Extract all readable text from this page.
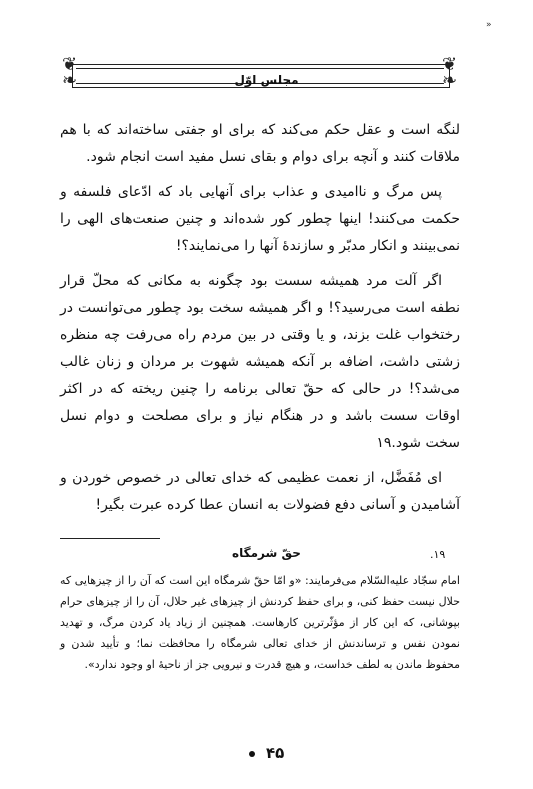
»
❦	❦
❧	❧
مجلس اوّل

لنگه است و عقل حکم می‌کند که برای او جفتی ساخته‌اند که با هم ملاقات کنند و آنچه برای دوام و بقای نسل مفید است انجام شود.

پس مرگ و ناامیدی و عذاب برای آنهایی باد که ادّعای فلسفه و حکمت می‌کنند! اینها چطور کور شده‌اند و چنین صنعت‌های الهی را نمی‌بینند و انکار مدبّر و سازندهٔ آنها را می‌نمایند؟!

اگر آلت مرد همیشه سست بود چگونه به مکانی که محلّ قرار نطفه است می‌رسید؟! و اگر همیشه سخت بود چطور می‌توانست در رختخواب غلت بزند، و یا وقتی در بین مردم راه می‌رفت چه منظره زشتی داشت، اضافه بر آنکه همیشه شهوت بر مردان و زنان غالب می‌شد؟! در حالی که حقّ تعالی برنامه را چنین ریخته که در اکثر اوقات سست باشد و در هنگام نیاز و برای مصلحت و دوام نسل سخت شود.۱۹

ای مُفَضَّل، از نعمت عظیمی که خدای تعالی در خصوص خوردن و آشامیدن و آسانی دفع فضولات به انسان عطا کرده عبرت بگیر!

۱۹.
حقّ شرمگاه
امام سجّاد علیه‌السّلام می‌فرمایند: «و امّا حقّ شرمگاه این است که آن را از چیزهایی که حلال نیست حفظ کنی، و برای حفظ کردنش از چیزهای غیر حلال، آن را از چیزهای حرام بپوشانی، که این کار از مؤثّرترین کارهاست. همچنین از زیاد یاد کردن مرگ، و تهدید نمودن نفس و ترساندنش از خدای تعالی شرمگاه را محافظت نما؛ و تأیید شدن و محفوظ ماندن به لطف خداست، و هیچ قدرت و نیرویی جز از ناحیهٔ او وجود ندارد».
۴۵
